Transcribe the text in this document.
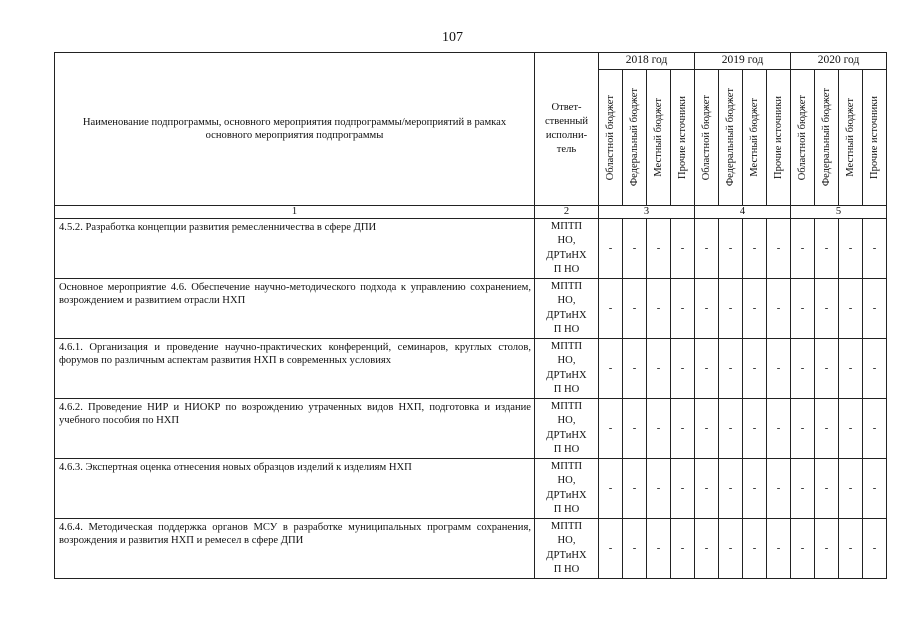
107
Наименование подпрограммы, основного мероприятия подпрограммы/мероприятий в рамках основного мероприятия подпрограммы	Ответ-
ственный
исполни-
тель	2018 год				2019 год				2020 год			

		Областной бюджет	Федеральный бюджет	Местный бюджет	Прочие источники	Областной бюджет	Федеральный бюджет	Местный бюджет	Прочие источники	Областной бюджет	Федеральный бюджет	Местный бюджет	Прочие источники

1	2	3				4				5			
4.5.2. Разработка концепции развития ремесленничества в сфере ДПИ	МПТП
НО,
ДРТиНХ
П НО	-	-	-	-	-	-	-	-	-	-	-	-
Основное мероприятие 4.6. Обеспечение научно-методического подхода к управлению сохранением, возрождением и развитием отрасли НХП	МПТП
НО,
ДРТиНХ
П НО	-	-	-	-	-	-	-	-	-	-	-	-
4.6.1. Организация и проведение научно-практических конференций, семинаров, круглых столов, форумов по различным аспектам развития НХП в современных условиях	МПТП
НО,
ДРТиНХ
П НО	-	-	-	-	-	-	-	-	-	-	-	-
4.6.2. Проведение НИР и НИОКР по возрождению утраченных видов НХП, подготовка и издание учебного пособия по НХП	МПТП
НО,
ДРТиНХ
П НО	-	-	-	-	-	-	-	-	-	-	-	-
4.6.3. Экспертная оценка отнесения новых образцов изделий к изделиям НХП	МПТП
НО,
ДРТиНХ
П НО	-	-	-	-	-	-	-	-	-	-	-	-
4.6.4. Методическая поддержка органов МСУ в разработке муниципальных программ сохранения, возрождения и развития НХП и ремесел в сфере ДПИ	МПТП
НО,
ДРТиНХ
П НО	-	-	-	-	-	-	-	-	-	-	-	-
